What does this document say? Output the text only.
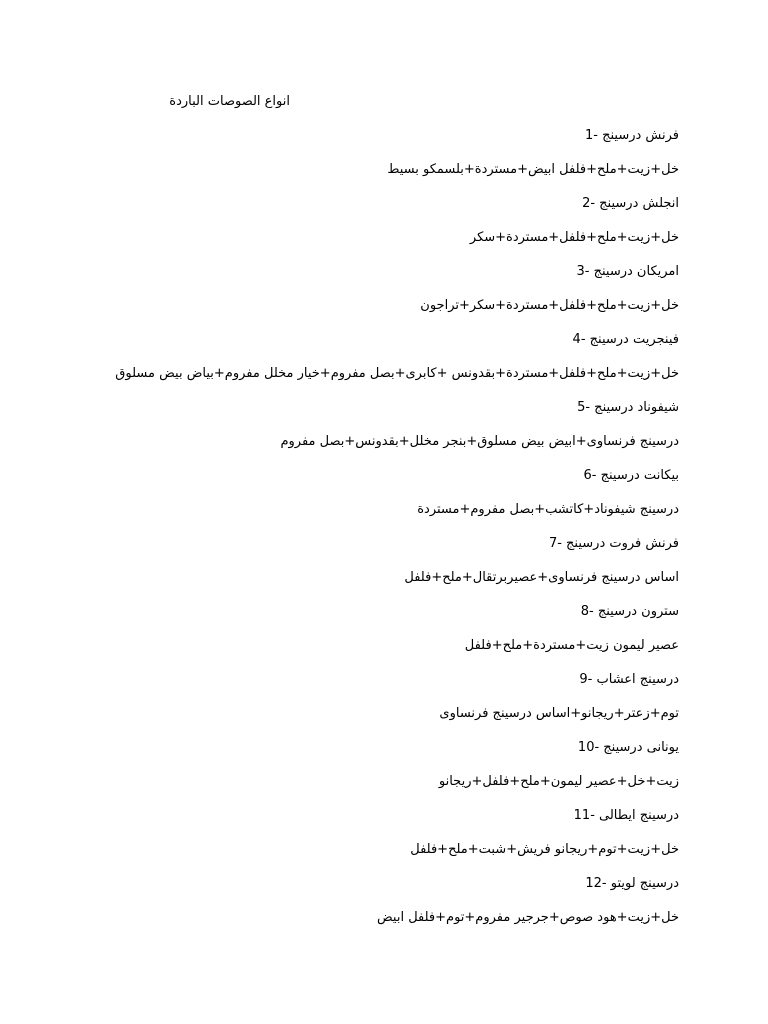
انواع الصوصات الباردة
فرنش درسينج -1
خل+زيت+ملح+فلفل ابيض+مستردة+بلسمكو بسيط
انجلش درسينج -2
خل+زيت+ملح+فلفل+مستردة+سكر
امريكان درسينج -3
خل+زيت+ملح+فلفل+مستردة+سكر+تراجون
فينجريت درسينج -4
خل+زيت+ملح+فلفل+مستردة+بقدونس +كابرى+بصل مفروم+خيار مخلل مفروم+بياض بيض مسلوق
شيفوناد درسينج -5
درسينج فرنساوى+ابيض بيض مسلوق+بنجر مخلل+بقدونس+بصل مفروم
بيكانت درسينج -6
درسينج شيفوناد+كاتشب+بصل مفروم+مستردة
فرنش فروت درسينج -7
اساس درسينج فرنساوى+عصيربرتقال+ملح+فلفل
سترون درسينج -8
عصير ليمون زيت+مستردة+ملح+فلفل
درسينج اعشاب -9
توم+زعتر+ريجانو+اساس درسينج فرنساوى
يونانى درسينج -10
زيت+خل+عصير ليمون+ملح+فلفل+ريجانو
درسينج ايطالى -11
خل+زيت+توم+ريجانو فريش+شبت+ملح+فلفل
درسينج لويتو -12
خل+زيت+هود صوص+جرجير مفروم+توم+فلفل ابيض
